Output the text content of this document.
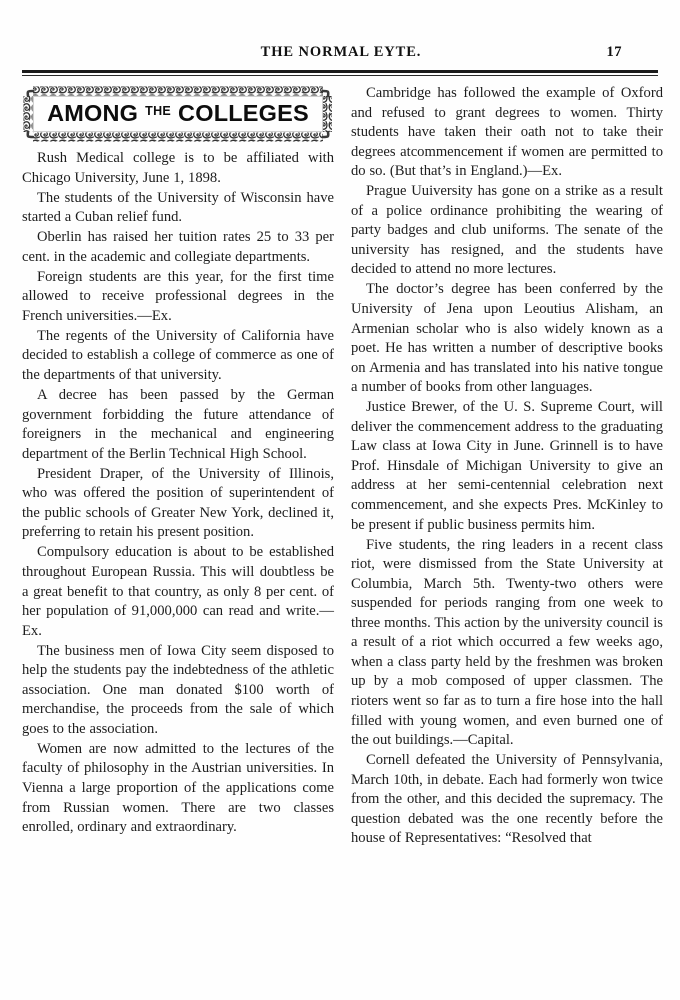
THE NORMAL EYTE.	17
AMONG THE COLLEGES

Rush Medical college is to be affiliated with Chicago University, June 1, 1898.

The students of the University of Wisconsin have started a Cuban relief fund.

Oberlin has raised her tuition rates 25 to 33 per cent. in the academic and collegiate departments.

Foreign students are this year, for the first time allowed to receive professional degrees in the French universities.—Ex.

The regents of the University of California have decided to establish a college of commerce as one of the departments of that university.

A decree has been passed by the German government forbidding the future attendance of foreigners in the mechanical and engineering department of the Berlin Technical High School.

President Draper, of the University of Illinois, who was offered the position of superintendent of the public schools of Greater New York, declined it, preferring to retain his present position.

Compulsory education is about to be established throughout European Russia. This will doubtless be a great benefit to that country, as only 8 per cent. of her population of 91,000,000 can read and write.—Ex.

The business men of Iowa City seem disposed to help the students pay the indebtedness of the athletic association. One man donated $100 worth of merchandise, the proceeds from the sale of which goes to the association.

Women are now admitted to the lectures of the faculty of philosophy in the Austrian universities. In Vienna a large proportion of the applications come from Russian women. There are two classes enrolled, ordinary and extraordinary.

Cambridge has followed the example of Oxford and refused to grant degrees to women. Thirty students have taken their oath not to take their degrees atcommencement if women are permitted to do so. (But that’s in England.)—Ex.

Prague Uuiversity has gone on a strike as a result of a police ordinance prohibiting the wearing of party badges and club uniforms. The senate of the university has resigned, and the students have decided to attend no more lectures.

The doctor’s degree has been conferred by the University of Jena upon Leoutius Alisham, an Armenian scholar who is also widely known as a poet. He has written a number of descriptive books on Armenia and has translated into his native tongue a number of books from other languages.

Justice Brewer, of the U. S. Supreme Court, will deliver the commencement address to the graduating Law class at Iowa City in June. Grinnell is to have Prof. Hinsdale of Michigan University to give an address at her semi-centennial celebration next commencement, and she expects Pres. McKinley to be present if public business permits him.

Five students, the ring leaders in a recent class riot, were dismissed from the State University at Columbia, March 5th. Twenty-two others were suspended for periods ranging from one week to three months. This action by the university council is a result of a riot which occurred a few weeks ago, when a class party held by the freshmen was broken up by a mob composed of upper classmen. The rioters went so far as to turn a fire hose into the hall filled with young women, and even burned one of the out buildings.—Capital.

Cornell defeated the University of Pennsylvania, March 10th, in debate. Each had formerly won twice from the other, and this decided the supremacy. The question debated was the one recently before the house of Representatives: “Resolved that
